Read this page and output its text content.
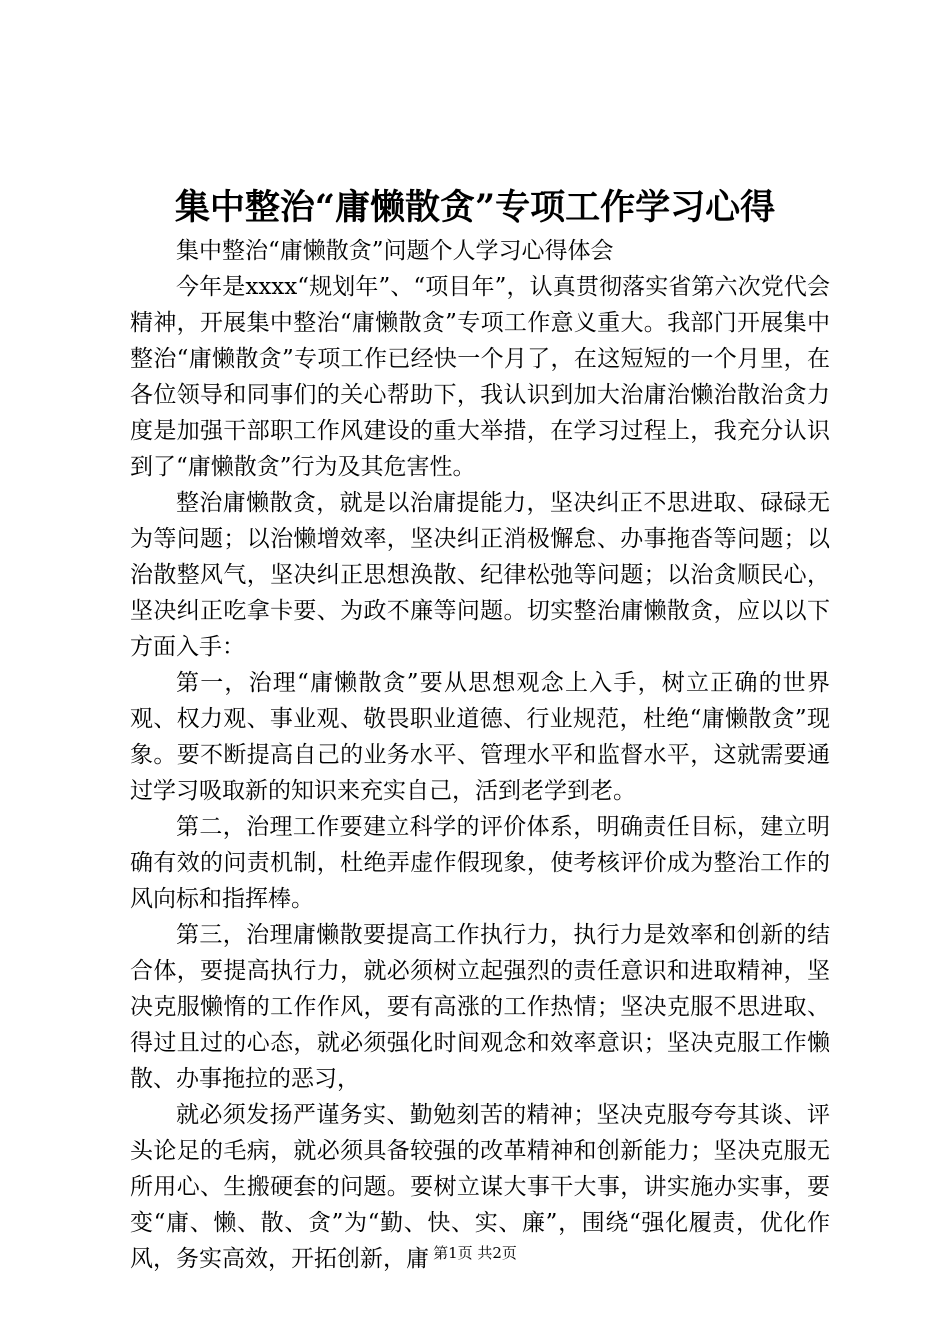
集中整治“庸懒散贪”专项工作学习心得

集中整治“庸懒散贪”问题个人学习心得体会

今年是xxxx“规划年”、“项目年”，认真贯彻落实省第六次党代会精神，开展集中整治“庸懒散贪”专项工作意义重大。我部门开展集中整治“庸懒散贪”专项工作已经快一个月了，在这短短的一个月里，在各位领导和同事们的关心帮助下，我认识到加大治庸治懒治散治贪力度是加强干部职工作风建设的重大举措，在学习过程上，我充分认识到了“庸懒散贪”行为及其危害性。

整治庸懒散贪，就是以治庸提能力，坚决纠正不思进取、碌碌无为等问题；以治懒增效率，坚决纠正消极懈怠、办事拖沓等问题；以治散整风气，坚决纠正思想涣散、纪律松弛等问题；以治贪顺民心，坚决纠正吃拿卡要、为政不廉等问题。切实整治庸懒散贪，应以以下方面入手：

第一，治理“庸懒散贪”要从思想观念上入手，树立正确的世界观、权力观、事业观、敬畏职业道德、行业规范，杜绝“庸懒散贪”现象。要不断提高自己的业务水平、管理水平和监督水平，这就需要通过学习吸取新的知识来充实自己，活到老学到老。

第二，治理工作要建立科学的评价体系，明确责任目标，建立明确有效的问责机制，杜绝弄虚作假现象，使考核评价成为整治工作的风向标和指挥棒。

第三，治理庸懒散要提高工作执行力，执行力是效率和创新的结合体，要提高执行力，就必须树立起强烈的责任意识和进取精神，坚决克服懒惰的工作作风，要有高涨的工作热情；坚决克服不思进取、得过且过的心态，就必须强化时间观念和效率意识；坚决克服工作懒散、办事拖拉的恶习，

就必须发扬严谨务实、勤勉刻苦的精神；坚决克服夸夸其谈、评头论足的毛病，就必须具备较强的改革精神和创新能力；坚决克服无所用心、生搬硬套的问题。要树立谋大事干大事，讲实施办实事，要变“庸、懒、散、贪”为“勤、快、实、廉”，围绕“强化履责，优化作风，务实高效，开拓创新，庸 第1页 共2页
